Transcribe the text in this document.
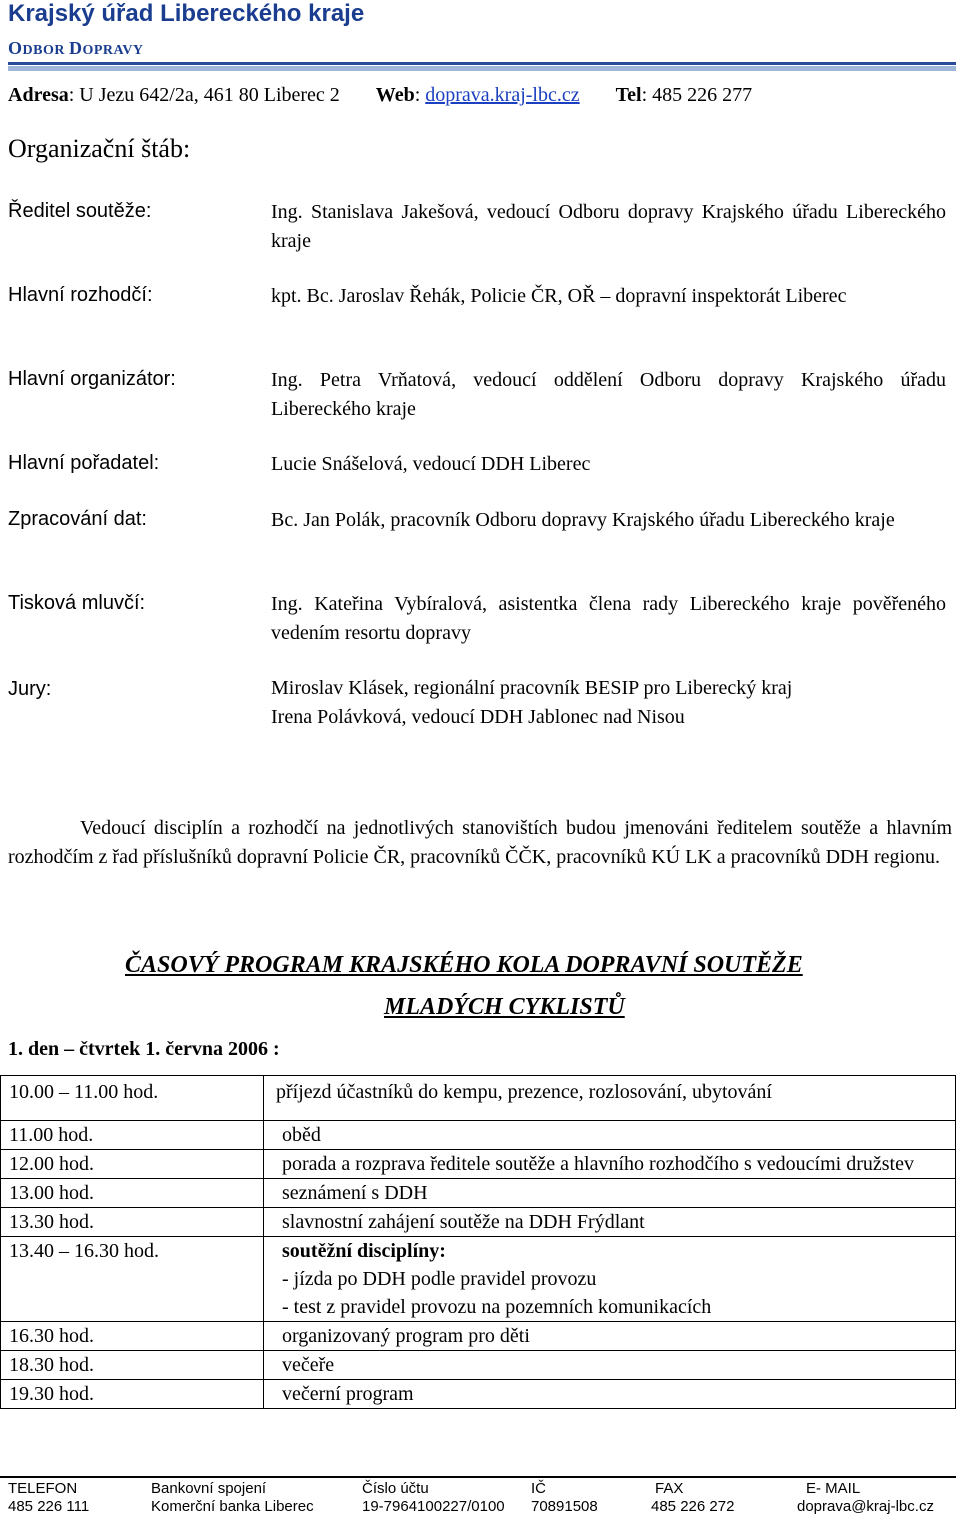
Krajský úřad Libereckého kraje
ODBOR DOPRAVY
Adresa: U Jezu 642/2a, 461 80 Liberec 2 Web: doprava.kraj-lbc.cz Tel: 485 226 277
Organizační štáb:
Ředitel soutěže:	Ing. Stanislava Jakešová, vedoucí Odboru dopravy Krajského úřadu Libereckého kraje
Hlavní rozhodčí:	kpt. Bc. Jaroslav Řehák, Policie ČR, OŘ – dopravní inspektorát Liberec
Hlavní organizátor:	Ing. Petra Vrňatová, vedoucí oddělení Odboru dopravy Krajského úřadu Libereckého kraje
Hlavní pořadatel:	Lucie Snášelová, vedoucí DDH Liberec
Zpracování dat:	Bc. Jan Polák, pracovník Odboru dopravy Krajského úřadu Libereckého kraje
Tisková mluvčí:	Ing. Kateřina Vybíralová, asistentka člena rady Libereckého kraje pověřeného vedením resortu dopravy
Jury:	Miroslav Klásek, regionální pracovník BESIP pro Liberecký kraj
Irena Polávková, vedoucí DDH Jablonec nad Nisou
Vedoucí disciplín a rozhodčí na jednotlivých stanovištích budou jmenováni ředitelem soutěže a hlavním rozhodčím z řad příslušníků dopravní Policie ČR, pracovníků ČČK, pracovníků KÚ LK a pracovníků DDH regionu.
ČASOVÝ PROGRAM KRAJSKÉHO KOLA DOPRAVNÍ SOUTĚŽE
MLADÝCH CYKLISTŮ
1. den – čtvrtek 1. června 2006 :
10.00 – 11.00 hod.	příjezd účastníků do kempu, prezence, rozlosování, ubytování
11.00 hod.	oběd
12.00 hod.	porada a rozprava ředitele soutěže a hlavního rozhodčího s vedoucími družstev
13.00 hod.	seznámení s DDH
13.30 hod.	slavnostní zahájení soutěže na DDH Frýdlant
13.40 – 16.30 hod.	soutěžní disciplíny:
- jízda po DDH podle pravidel provozu
- test z pravidel provozu na pozemních komunikacích

16.30 hod.	organizovaný program pro děti
18.30 hod.	večeře
19.30 hod.	večerní program
TELEFON	Bankovní spojení	Číslo účtu	IČ	FAX	E- MAIL
485 226 111	Komerční banka Liberec	19-7964100227/0100 70891508	485 226 272	doprava@kraj-lbc.cz
